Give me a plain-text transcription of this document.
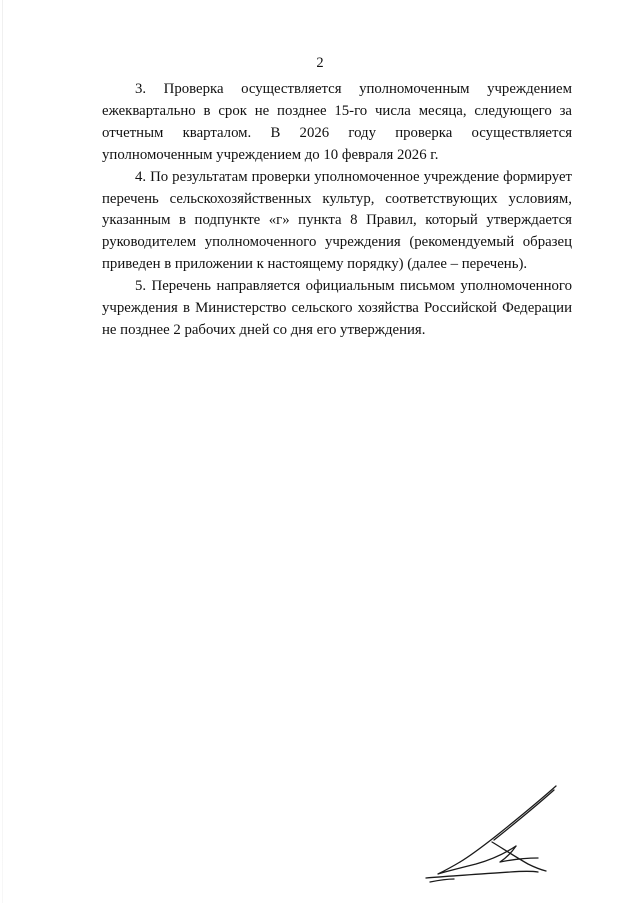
2

3. Проверка осуществляется уполномоченным учреждением ежеквартально в срок не позднее 15-го числа месяца, следующего за отчетным кварталом. В 2026 году проверка осуществляется уполномоченным учреждением до 10 февраля 2026 г.

4. По результатам проверки уполномоченное учреждение формирует перечень сельскохозяйственных культур, соответствующих условиям, указанным в подпункте «г» пункта 8 Правил, который утверждается руководителем уполномоченного учреждения (рекомендуемый образец приведен в приложении к настоящему порядку) (далее – перечень).

5. Перечень направляется официальным письмом уполномоченного учреждения в Министерство сельского хозяйства Российской Федерации не позднее 2 рабочих дней со дня его утверждения.
